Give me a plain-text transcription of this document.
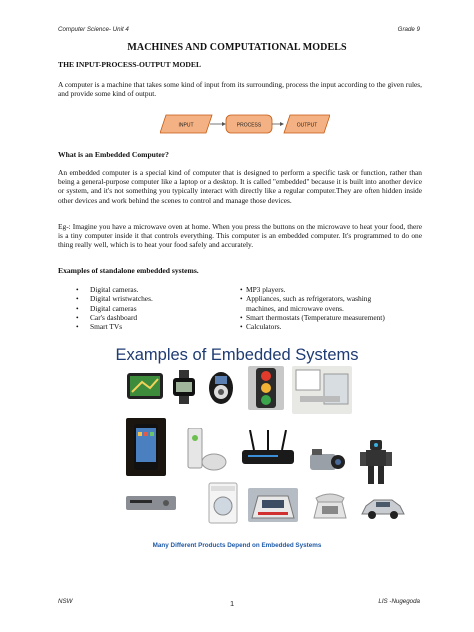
Computer Science- Unit 4	Grade 9
MACHINES AND COMPUTATIONAL MODELS
THE INPUT-PROCESS-OUTPUT MODEL
A computer is a machine that takes some kind of input from its surrounding, process the input according to the given rules, and provide some kind of output.
INPUT	PROCESS	OUTPUT
What is an Embedded Computer?
An embedded computer is a special kind of computer that is designed to perform a specific task or function, rather than being a general-purpose computer like a laptop or a desktop. It is called "embedded" because it is built into another device or system, and it's not something you typically interact with directly like a regular computer.They are often hidden inside other devices and work behind the scenes to control and manage those devices.
Eg-: Imagine you have a microwave oven at home. When you press the buttons on the microwave to heat your food, there is a tiny computer inside it that controls everything. This computer is an embedded computer. It's programmed to do one thing really well, which is to heat your food safely and accurately.
Examples of standalone embedded systems.
• Digital cameras.
• Digital wristwatches.
• Digital cameras
• Car's dashboard
• Smart TVs
• MP3 players.
• Appliances, such as refrigerators, washing
machines, and microwave ovens.
• Smart thermostats (Temperature measurement)
• Calculators.
Examples of Embedded Systems
Many Different Products Depend on Embedded Systems
NSW	1	LIS -Nugegoda
